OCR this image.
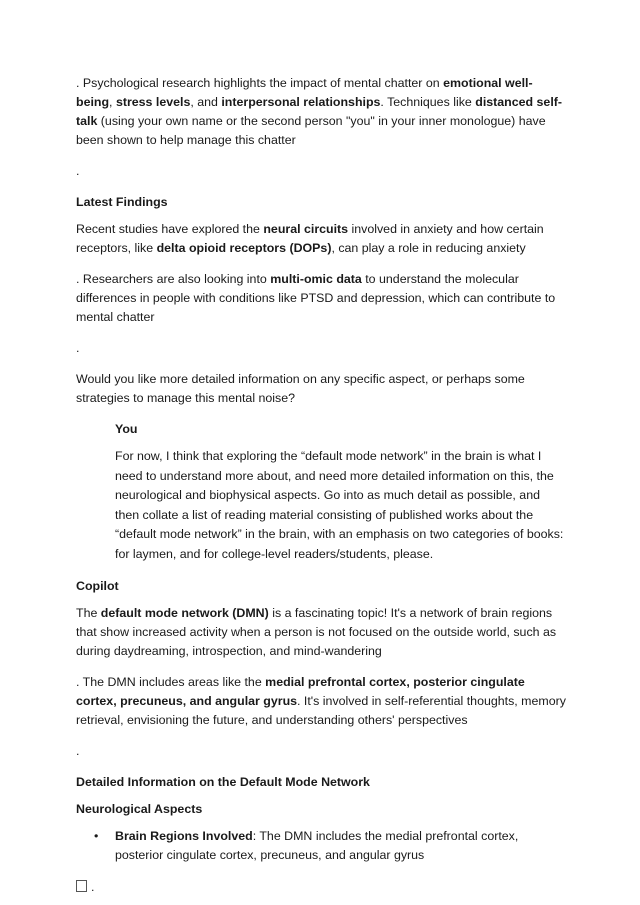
. Psychological research highlights the impact of mental chatter on emotional well-being, stress levels, and interpersonal relationships. Techniques like distanced self-talk (using your own name or the second person "you" in your inner monologue) have been shown to help manage this chatter

.

Latest Findings

Recent studies have explored the neural circuits involved in anxiety and how certain receptors, like delta opioid receptors (DOPs), can play a role in reducing anxiety

. Researchers are also looking into multi-omic data to understand the molecular differences in people with conditions like PTSD and depression, which can contribute to mental chatter

.

Would you like more detailed information on any specific aspect, or perhaps some strategies to manage this mental noise?

You

For now, I think that exploring the “default mode network” in the brain is what I need to understand more about, and need more detailed information on this, the neurological and biophysical aspects. Go into as much detail as possible, and then collate a list of reading material consisting of published works about the “default mode network” in the brain, with an emphasis on two categories of books: for laymen, and for college-level readers/students, please.

Copilot

The default mode network (DMN) is a fascinating topic! It's a network of brain regions that show increased activity when a person is not focused on the outside world, such as during daydreaming, introspection, and mind-wandering

. The DMN includes areas like the medial prefrontal cortex, posterior cingulate cortex, precuneus, and angular gyrus. It's involved in self-referential thoughts, memory retrieval, envisioning the future, and understanding others' perspectives

.

Detailed Information on the Default Mode Network

Neurological Aspects

•	Brain Regions Involved: The DMN includes the medial prefrontal cortex, posterior cingulate cortex, precuneus, and angular gyrus

.
